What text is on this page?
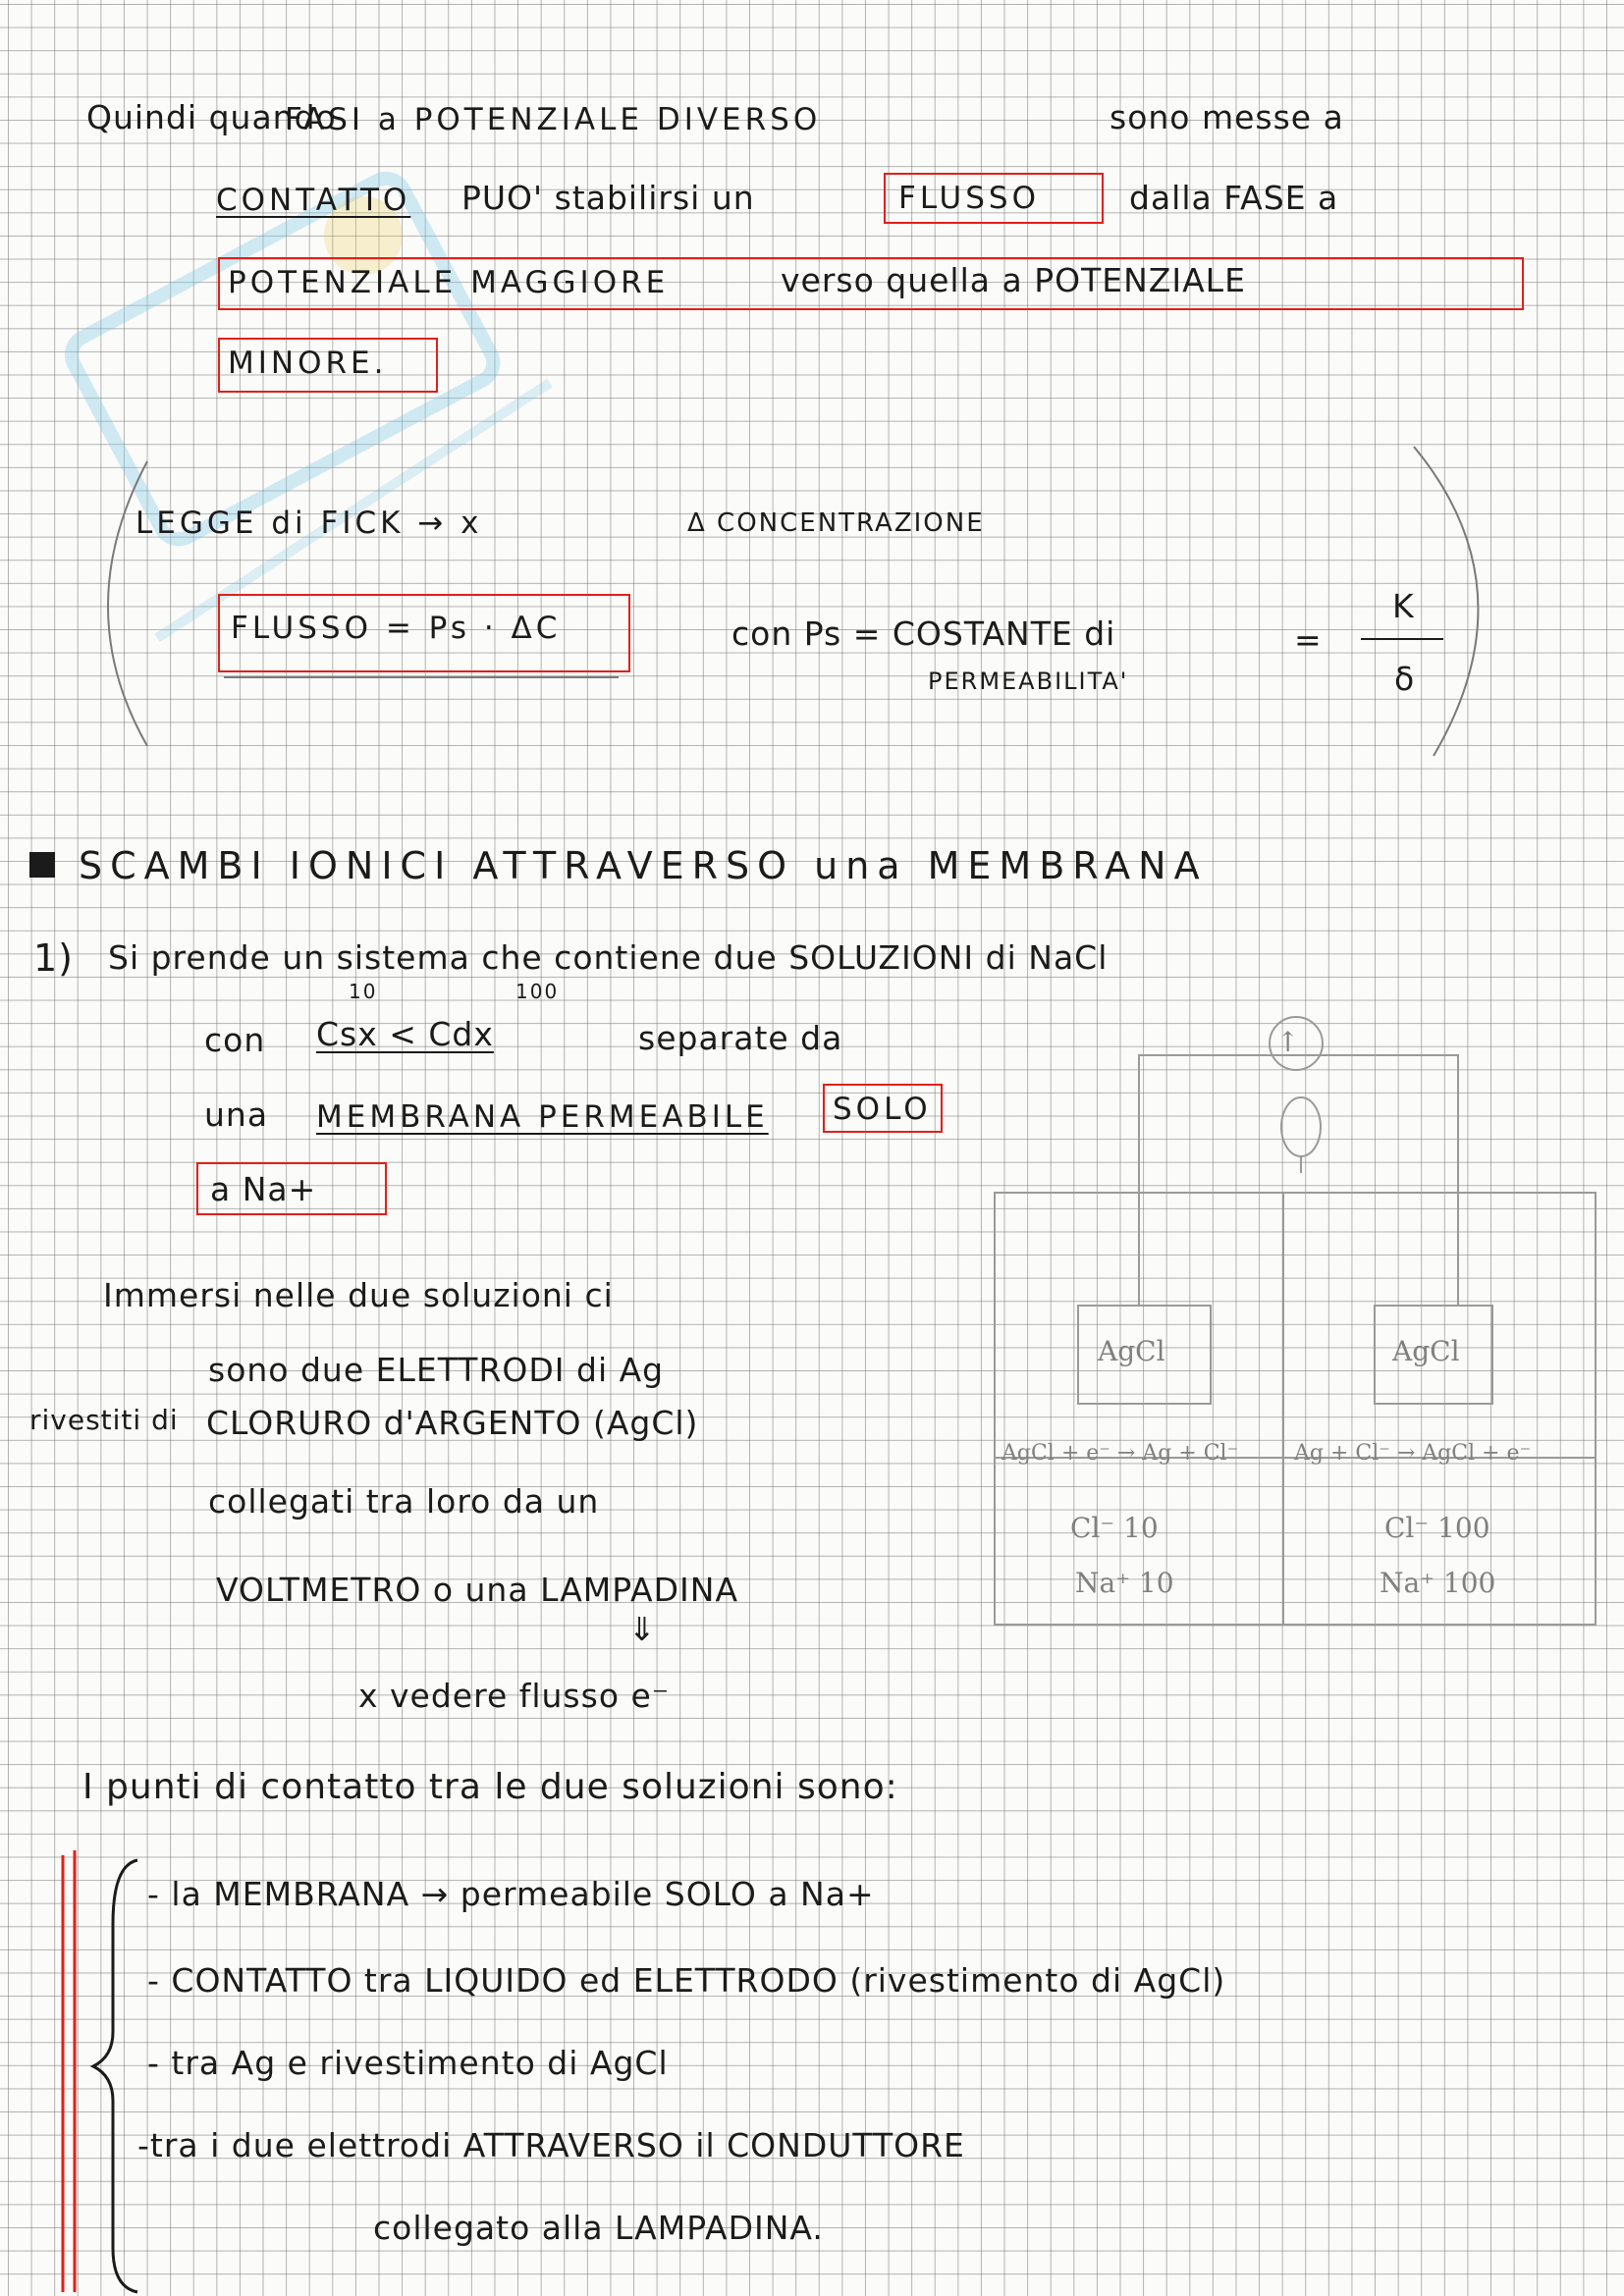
Quindi quando
FASI a POTENZIALE DIVERSO	sono messe a
CONTATTO PUO' stabilirsi un	FLUSSO	dalla FASE a
POTENZIALE MAGGIORE	verso quella a POTENZIALE
MINORE.
LEGGE di FICK → x	Δ CONCENTRAZIONE
FLUSSO = Ps · ΔC	con Ps = COSTANTE di
PERMEABILITA'
=
K
δ
SCAMBI IONICI ATTRAVERSO una MEMBRANA
1) Si prende un sistema che contiene due SOLUZIONI di NaCl
10	100
con Csx < Cdx	separate da
una MEMBRANA PERMEABILE SOLO
a Na+
Immersi nelle due soluzioni ci
sono due ELETTRODI di Ag
rivestiti di CLORURO d'ARGENTO (AgCl)
collegati tra loro da un
VOLTMETRO o una LAMPADINA
⇓
x vedere flusso e⁻
↑
AgCl	AgCl
AgCl + e⁻ → Ag + Cl⁻	Ag + Cl⁻ → AgCl + e⁻
Cl⁻ 10
Na⁺ 10
Cl⁻ 100
Na⁺ 100
I punti di contatto tra le due soluzioni sono:
- la MEMBRANA → permeabile SOLO a Na+
- CONTATTO tra LIQUIDO ed ELETTRODO (rivestimento di AgCl)
- tra Ag e rivestimento di AgCl
-tra i due elettrodi ATTRAVERSO il CONDUTTORE
collegato alla LAMPADINA.
